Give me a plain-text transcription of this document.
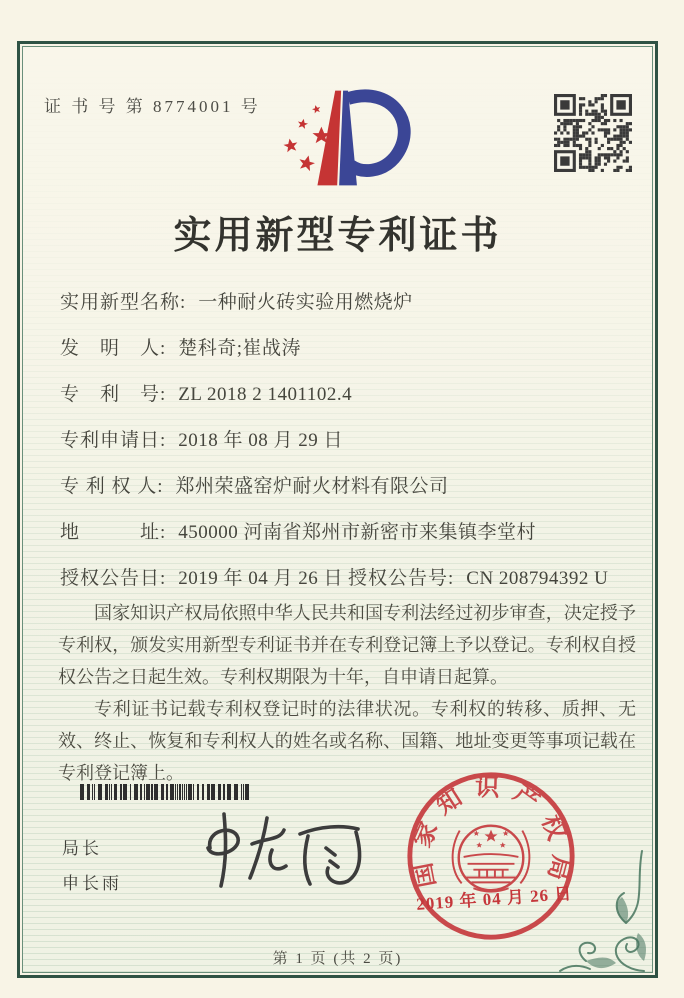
证 书 号 第 8774001 号
实用新型专利证书
实用新型名称: 一种耐火砖实验用燃烧炉
发　明　人: 楚科奇;崔战涛
专　利　号: ZL 2018 2 1401102.4
专利申请日: 2018 年 08 月 29 日
专 利 权 人: 郑州荣盛窑炉耐火材料有限公司
地　　　址: 450000 河南省郑州市新密市来集镇李堂村
授权公告日: 2019 年 04 月 26 日 授权公告号: CN 208794392 U

国家知识产权局依照中华人民共和国专利法经过初步审查，决定授予专利权，颁发实用新型专利证书并在专利登记簿上予以登记。专利权自授权公告之日起生效。专利权期限为十年，自申请日起算。

专利证书记载专利权登记时的法律状况。专利权的转移、质押、无效、终止、恢复和专利权人的姓名或名称、国籍、地址变更等事项记载在专利登记簿上。

局长
申长雨	国家知识产权局
2019 年 04 月 26 日
第 1 页 (共 2 页)
